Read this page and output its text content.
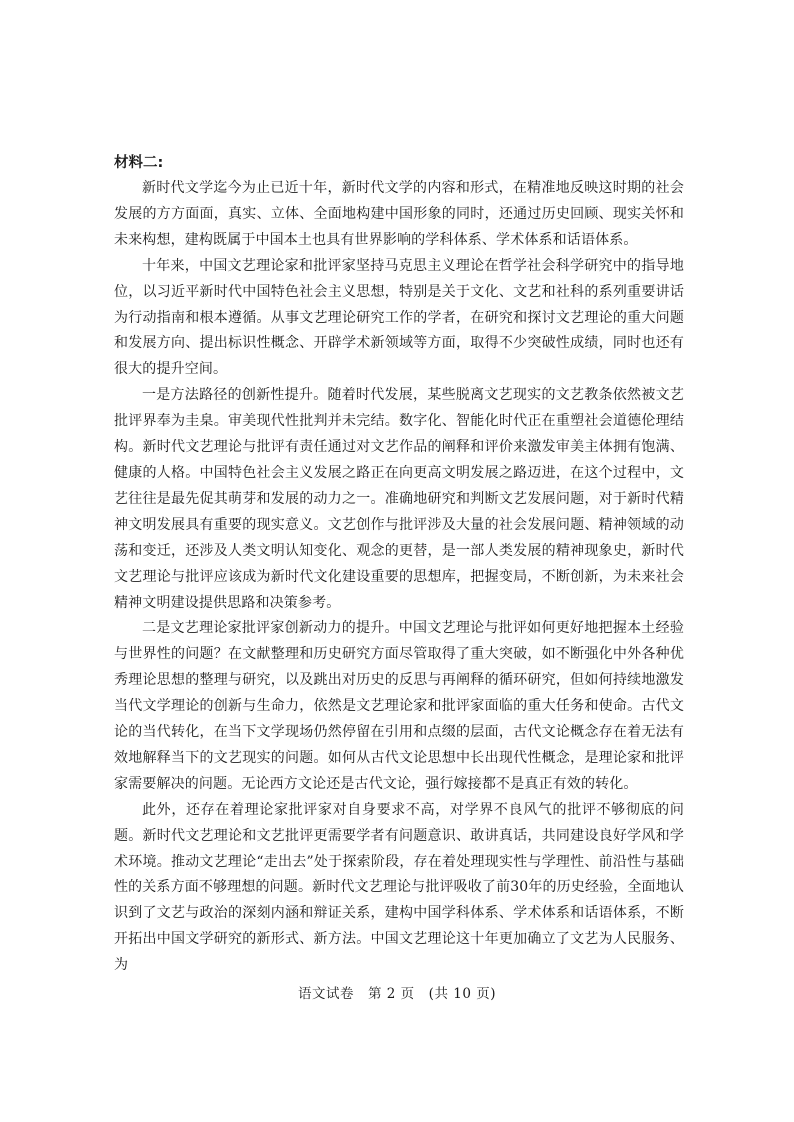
材料二:

新时代文学迄今为止已近十年，新时代文学的内容和形式，在精准地反映这时期的社会发展的方方面面，真实、立体、全面地构建中国形象的同时，还通过历史回顾、现实关怀和未来构想，建构既属于中国本土也具有世界影响的学科体系、学术体系和话语体系。

十年来，中国文艺理论家和批评家坚持马克思主义理论在哲学社会科学研究中的指导地位，以习近平新时代中国特色社会主义思想，特别是关于文化、文艺和社科的系列重要讲话为行动指南和根本遵循。从事文艺理论研究工作的学者，在研究和探讨文艺理论的重大问题和发展方向、提出标识性概念、开辟学术新领域等方面，取得不少突破性成绩，同时也还有很大的提升空间。

一是方法路径的创新性提升。随着时代发展，某些脱离文艺现实的文艺教条依然被文艺批评界奉为圭臬。审美现代性批判并未完结。数字化、智能化时代正在重塑社会道德伦理结构。新时代文艺理论与批评有责任通过对文艺作品的阐释和评价来激发审美主体拥有饱满、健康的人格。中国特色社会主义发展之路正在向更高文明发展之路迈进，在这个过程中，文艺往往是最先促其萌芽和发展的动力之一。准确地研究和判断文艺发展问题，对于新时代精神文明发展具有重要的现实意义。文艺创作与批评涉及大量的社会发展问题、精神领域的动荡和变迁，还涉及人类文明认知变化、观念的更替，是一部人类发展的精神现象史，新时代文艺理论与批评应该成为新时代文化建设重要的思想库，把握变局，不断创新，为未来社会精神文明建设提供思路和决策参考。

二是文艺理论家批评家创新动力的提升。中国文艺理论与批评如何更好地把握本土经验与世界性的问题？在文献整理和历史研究方面尽管取得了重大突破，如不断强化中外各种优秀理论思想的整理与研究，以及跳出对历史的反思与再阐释的循环研究，但如何持续地激发当代文学理论的创新与生命力，依然是文艺理论家和批评家面临的重大任务和使命。古代文论的当代转化，在当下文学现场仍然停留在引用和点缀的层面，古代文论概念存在着无法有效地解释当下的文艺现实的问题。如何从古代文论思想中长出现代性概念，是理论家和批评家需要解决的问题。无论西方文论还是古代文论，强行嫁接都不是真正有效的转化。

此外，还存在着理论家批评家对自身要求不高，对学界不良风气的批评不够彻底的问题。新时代文艺理论和文艺批评更需要学者有问题意识、敢讲真话，共同建设良好学风和学术环境。推动文艺理论“走出去”处于探索阶段，存在着处理现实性与学理性、前沿性与基础性的关系方面不够理想的问题。新时代文艺理论与批评吸收了前30年的历史经验，全面地认识到了文艺与政治的深刻内涵和辩证关系，建构中国学科体系、学术体系和话语体系，不断开拓出中国文学研究的新形式、新方法。中国文艺理论这十年更加确立了文艺为人民服务、为

语文试卷　第 2 页　(共 10 页)
